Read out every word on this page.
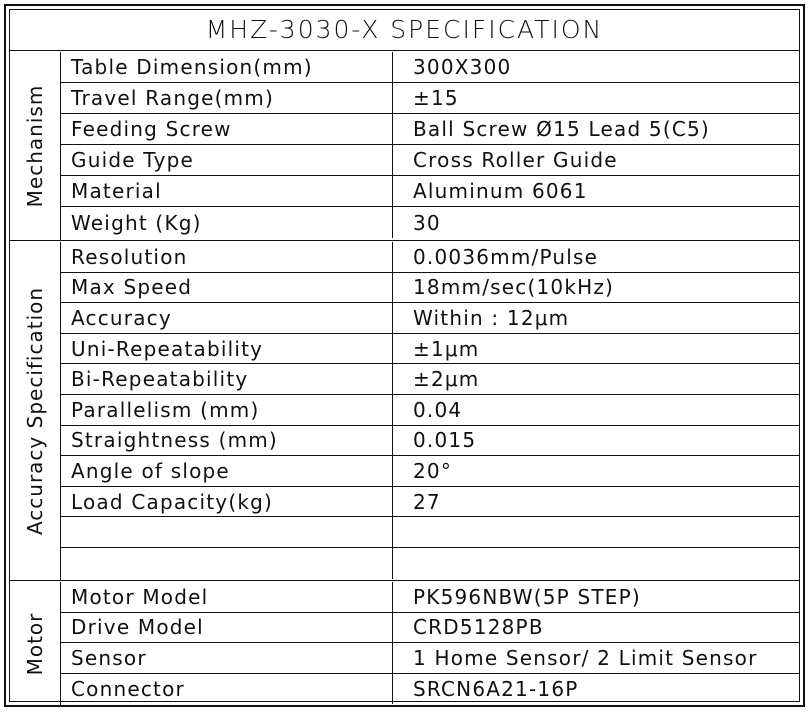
MHZ-3030-X SPECIFICATION
Mechanism
Table Dimension(mm)	300X300
Travel Range(mm)	±15
Feeding Screw	Ball Screw Ø15 Lead 5(C5)
Guide Type	Cross Roller Guide
Material	Aluminum 6061
Weight (Kg)	30
Accuracy Specification
Resolution	0.0036mm/Pulse
Max Speed	18mm/sec(10kHz)
Accuracy	Within : 12μm
Uni-Repeatability	±1μm
Bi-Repeatability	±2μm
Parallelism (mm)	0.04
Straightness (mm)	0.015
Angle of slope	20°
Load Capacity(kg)	27
Motor
Motor Model	PK596NBW(5P STEP)
Drive Model	CRD5128PB
Sensor	1 Home Sensor/ 2 Limit Sensor
Connector	SRCN6A21-16P
